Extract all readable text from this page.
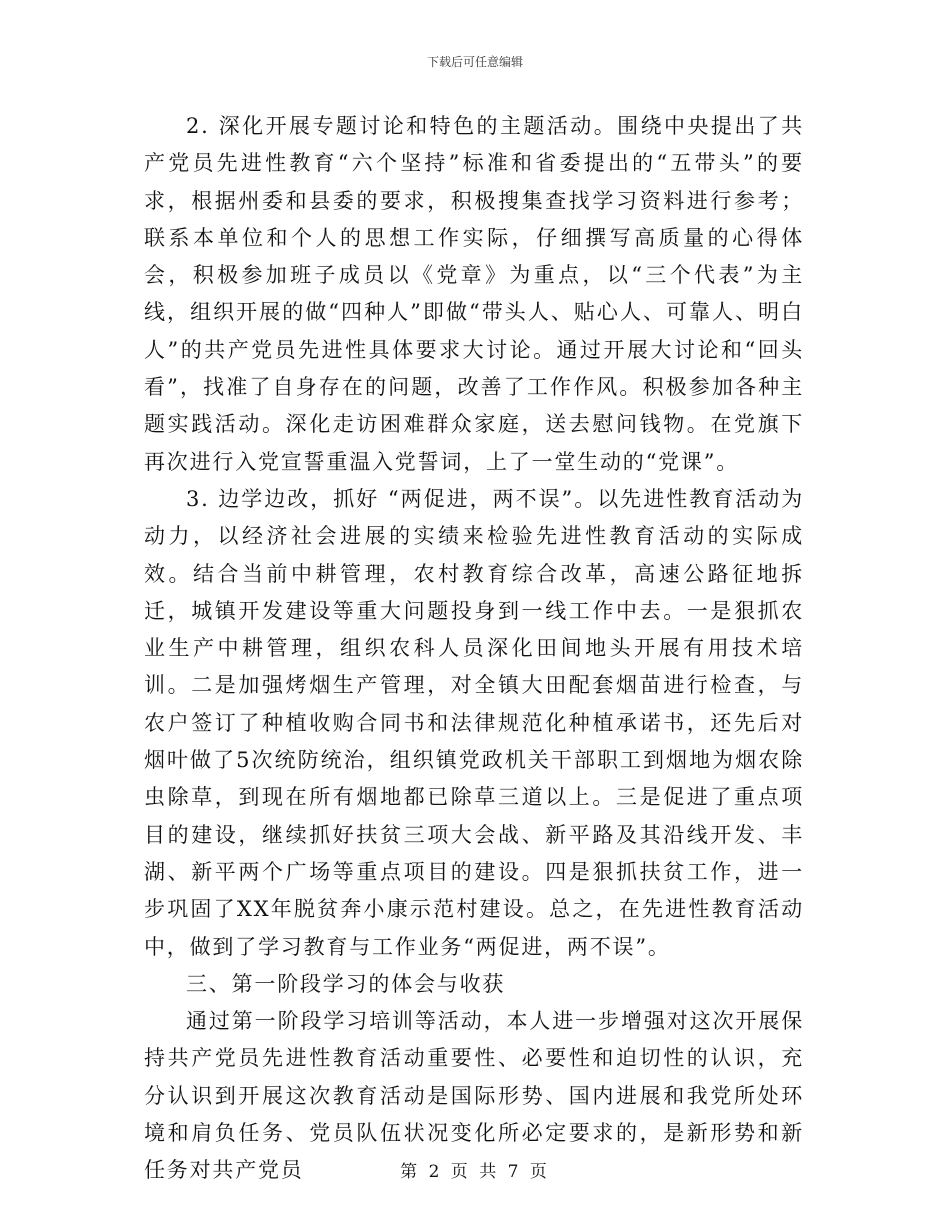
下载后可任意编辑

2. 深化开展专题讨论和特色的主题活动。围绕中央提出了共产党员先进性教育“六个坚持”标准和省委提出的“五带头”的要求，根据州委和县委的要求，积极搜集查找学习资料进行参考；联系本单位和个人的思想工作实际，仔细撰写高质量的心得体会，积极参加班子成员以《党章》为重点，以“三个代表”为主线，组织开展的做“四种人”即做“带头人、贴心人、可靠人、明白人”的共产党员先进性具体要求大讨论。通过开展大讨论和“回头看”，找准了自身存在的问题，改善了工作作风。积极参加各种主题实践活动。深化走访困难群众家庭，送去慰问钱物。在党旗下再次进行入党宣誓重温入党誓词，上了一堂生动的“党课”。

3. 边学边改，抓好 “两促进，两不误”。以先进性教育活动为动力，以经济社会进展的实绩来检验先进性教育活动的实际成效。结合当前中耕管理，农村教育综合改革，高速公路征地拆迁，城镇开发建设等重大问题投身到一线工作中去。一是狠抓农业生产中耕管理，组织农科人员深化田间地头开展有用技术培训。二是加强烤烟生产管理，对全镇大田配套烟苗进行检查，与农户签订了种植收购合同书和法律规范化种植承诺书，还先后对烟叶做了5次统防统治，组织镇党政机关干部职工到烟地为烟农除虫除草，到现在所有烟地都已除草三道以上。三是促进了重点项目的建设，继续抓好扶贫三项大会战、新平路及其沿线开发、丰湖、新平两个广场等重点项目的建设。四是狠抓扶贫工作，进一步巩固了XX年脱贫奔小康示范村建设。总之，在先进性教育活动中，做到了学习教育与工作业务“两促进，两不误”。

三、第一阶段学习的体会与收获

通过第一阶段学习培训等活动，本人进一步增强对这次开展保持共产党员先进性教育活动重要性、必要性和迫切性的认识，充分认识到开展这次教育活动是国际形势、国内进展和我党所处环境和肩负任务、党员队伍状况变化所必定要求的，是新形势和新任务对共产党员	第 2 页 共 7 页
